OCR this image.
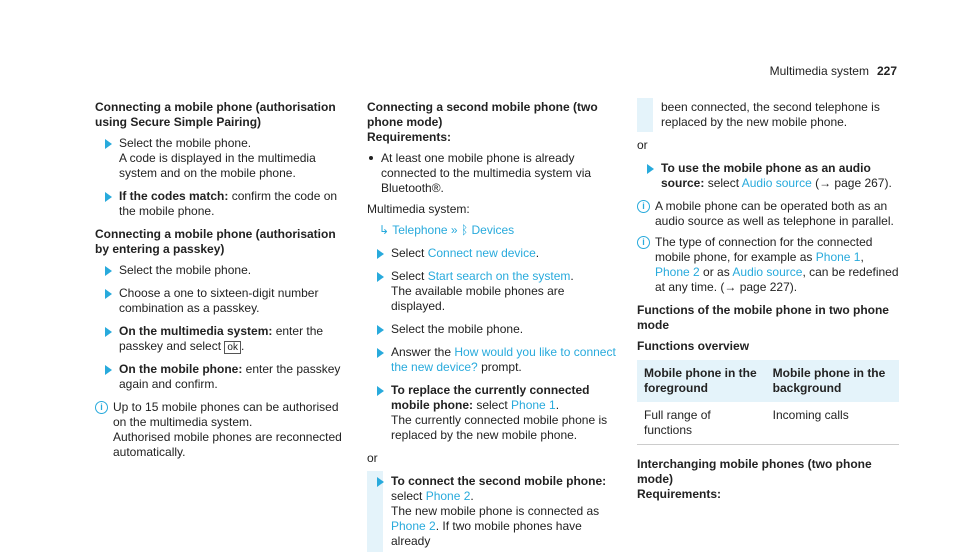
Multimedia system 227
Connecting a mobile phone (authorisation using Secure Simple Pairing)
Select the mobile phone.
A code is displayed in the multimedia system and on the mobile phone.
If the codes match: confirm the code on the mobile phone.
Connecting a mobile phone (authorisation by entering a passkey)
Select the mobile phone.
Choose a one to sixteen-digit number combination as a passkey.
On the multimedia system: enter the passkey and select ok .
On the mobile phone: enter the passkey again and confirm.
i Up to 15 mobile phones can be authorised on the multimedia system.
Authorised mobile phones are reconnected automatically.
Connecting a second mobile phone (two phone mode)
Requirements:
At least one mobile phone is already connected to the multimedia system via Bluetooth®.
Multimedia system:
↳ Telephone » ᛒ Devices
Select Connect new device.
Select Start search on the system.
The available mobile phones are displayed.
Select the mobile phone.
Answer the How would you like to connect the new device? prompt.
To replace the currently connected mobile phone: select Phone 1.
The currently connected mobile phone is replaced by the new mobile phone.
or
To connect the second mobile phone:
select Phone 2.
The new mobile phone is connected as Phone 2. If two mobile phones have already
been connected, the second telephone is replaced by the new mobile phone.
or
To use the mobile phone as an audio source: select Audio source (→ page 267).
i A mobile phone can be operated both as an audio source as well as telephone in parallel.
i The type of connection for the connected mobile phone, for example as Phone 1, Phone 2 or as Audio source, can be redefined at any time. (→ page 227).
Functions of the mobile phone in two phone mode
Functions overview
Mobile phone in the foreground	Mobile phone in the background
Full range of functions	Incoming calls
Interchanging mobile phones (two phone mode)
Requirements:
